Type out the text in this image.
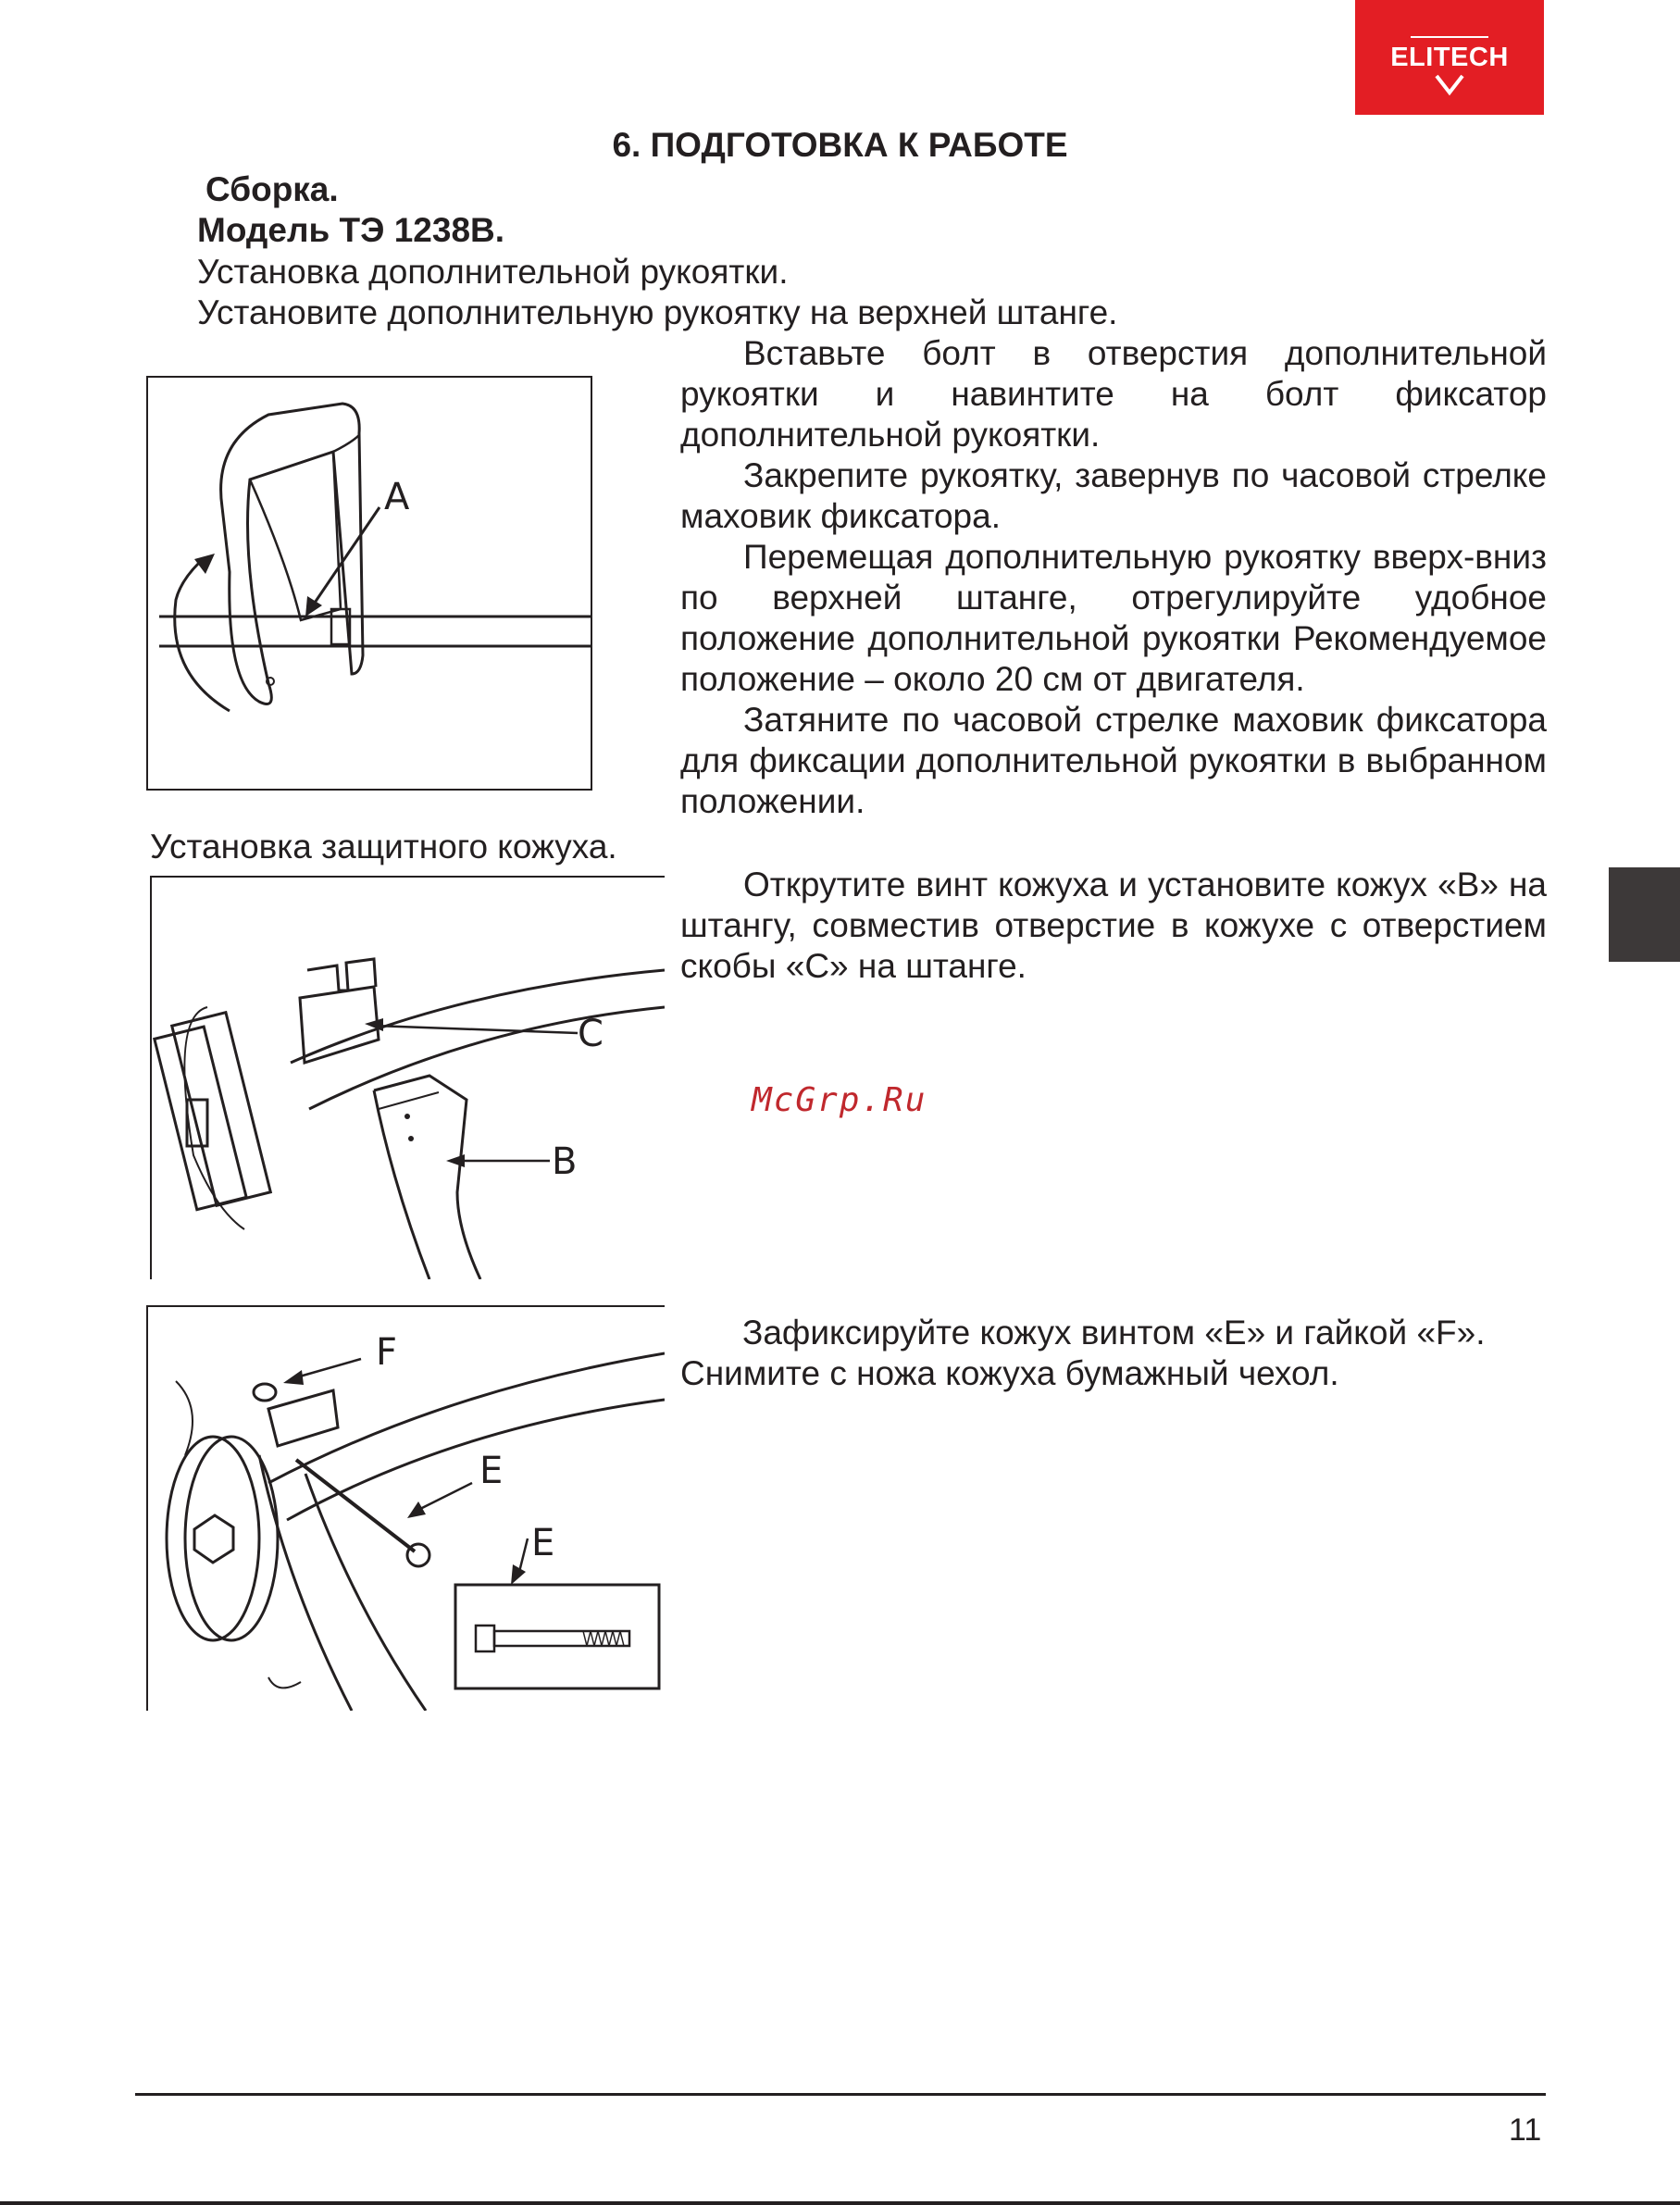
ELITECH
6. ПОДГОТОВКА К РАБОТЕ
Сборка.
Модель ТЭ 1238В.
Установка дополнительной рукоятки.
Установите дополнительную рукоятку на верхней штанге.

Вставьте болт в отверстия дополнительной рукоятки и навинтите на болт фиксатор дополнительной рукоятки.

Закрепите рукоятку, завернув по часовой стрелке маховик фиксатора.

Перемещая дополнительную рукоятку вверх-вниз по верхней штанге, отрегулируйте удобное положение дополнительной рукоятки Рекомендуемое положение – около 20 см от двигателя.

Затяните по часовой стрелке маховик фиксатора для фиксации дополнительной рукоятки в выбранном положении.

A
Установка защитного кожуха.

Открутите винт кожуха и установите кожух «В» на штангу, совместив отверстие в кожухе с отверстием скобы «С» на штанге.

C
B
McGrp.Ru
Зафиксируйте кожух винтом «Е» и гайкой «F».
Снимите с ножа кожуха бумажный чехол.
F
E
E
11
